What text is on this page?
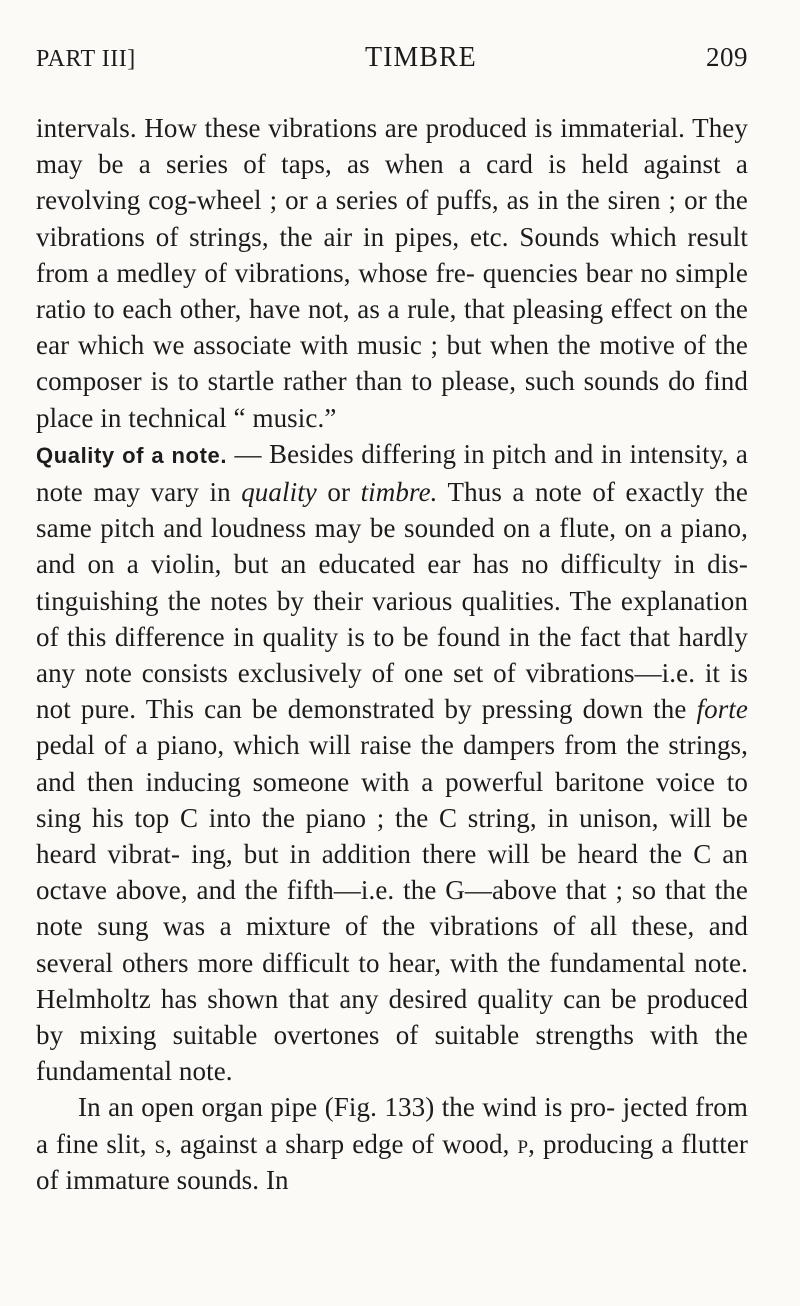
PART III]	TIMBRE	209

intervals. How these vibrations are produced is immaterial. They may be a series of taps, as when a card is held against a revolving cog-wheel ; or a series of puffs, as in the siren ; or the vibrations of strings, the air in pipes, etc. Sounds which result from a medley of vibrations, whose fre- quencies bear no simple ratio to each other, have not, as a rule, that pleasing effect on the ear which we associate with music ; but when the motive of the composer is to startle rather than to please, such sounds do find place in technical “ music.”

Quality of a note. — Besides differing in pitch and in intensity, a note may vary in quality or timbre. Thus a note of exactly the same pitch and loudness may be sounded on a flute, on a piano, and on a violin, but an educated ear has no difficulty in dis- tinguishing the notes by their various qualities. The explanation of this difference in quality is to be found in the fact that hardly any note consists exclusively of one set of vibrations—i.e. it is not pure. This can be demonstrated by pressing down the forte pedal of a piano, which will raise the dampers from the strings, and then inducing someone with a powerful baritone voice to sing his top C into the piano ; the C string, in unison, will be heard vibrat- ing, but in addition there will be heard the C an octave above, and the fifth—i.e. the G—above that ; so that the note sung was a mixture of the vibrations of all these, and several others more difficult to hear, with the fundamental note. Helmholtz has shown that any desired quality can be produced by mixing suitable overtones of suitable strengths with the fundamental note.

In an open organ pipe (Fig. 133) the wind is pro- jected from a fine slit, s, against a sharp edge of wood, p, producing a flutter of immature sounds. In
